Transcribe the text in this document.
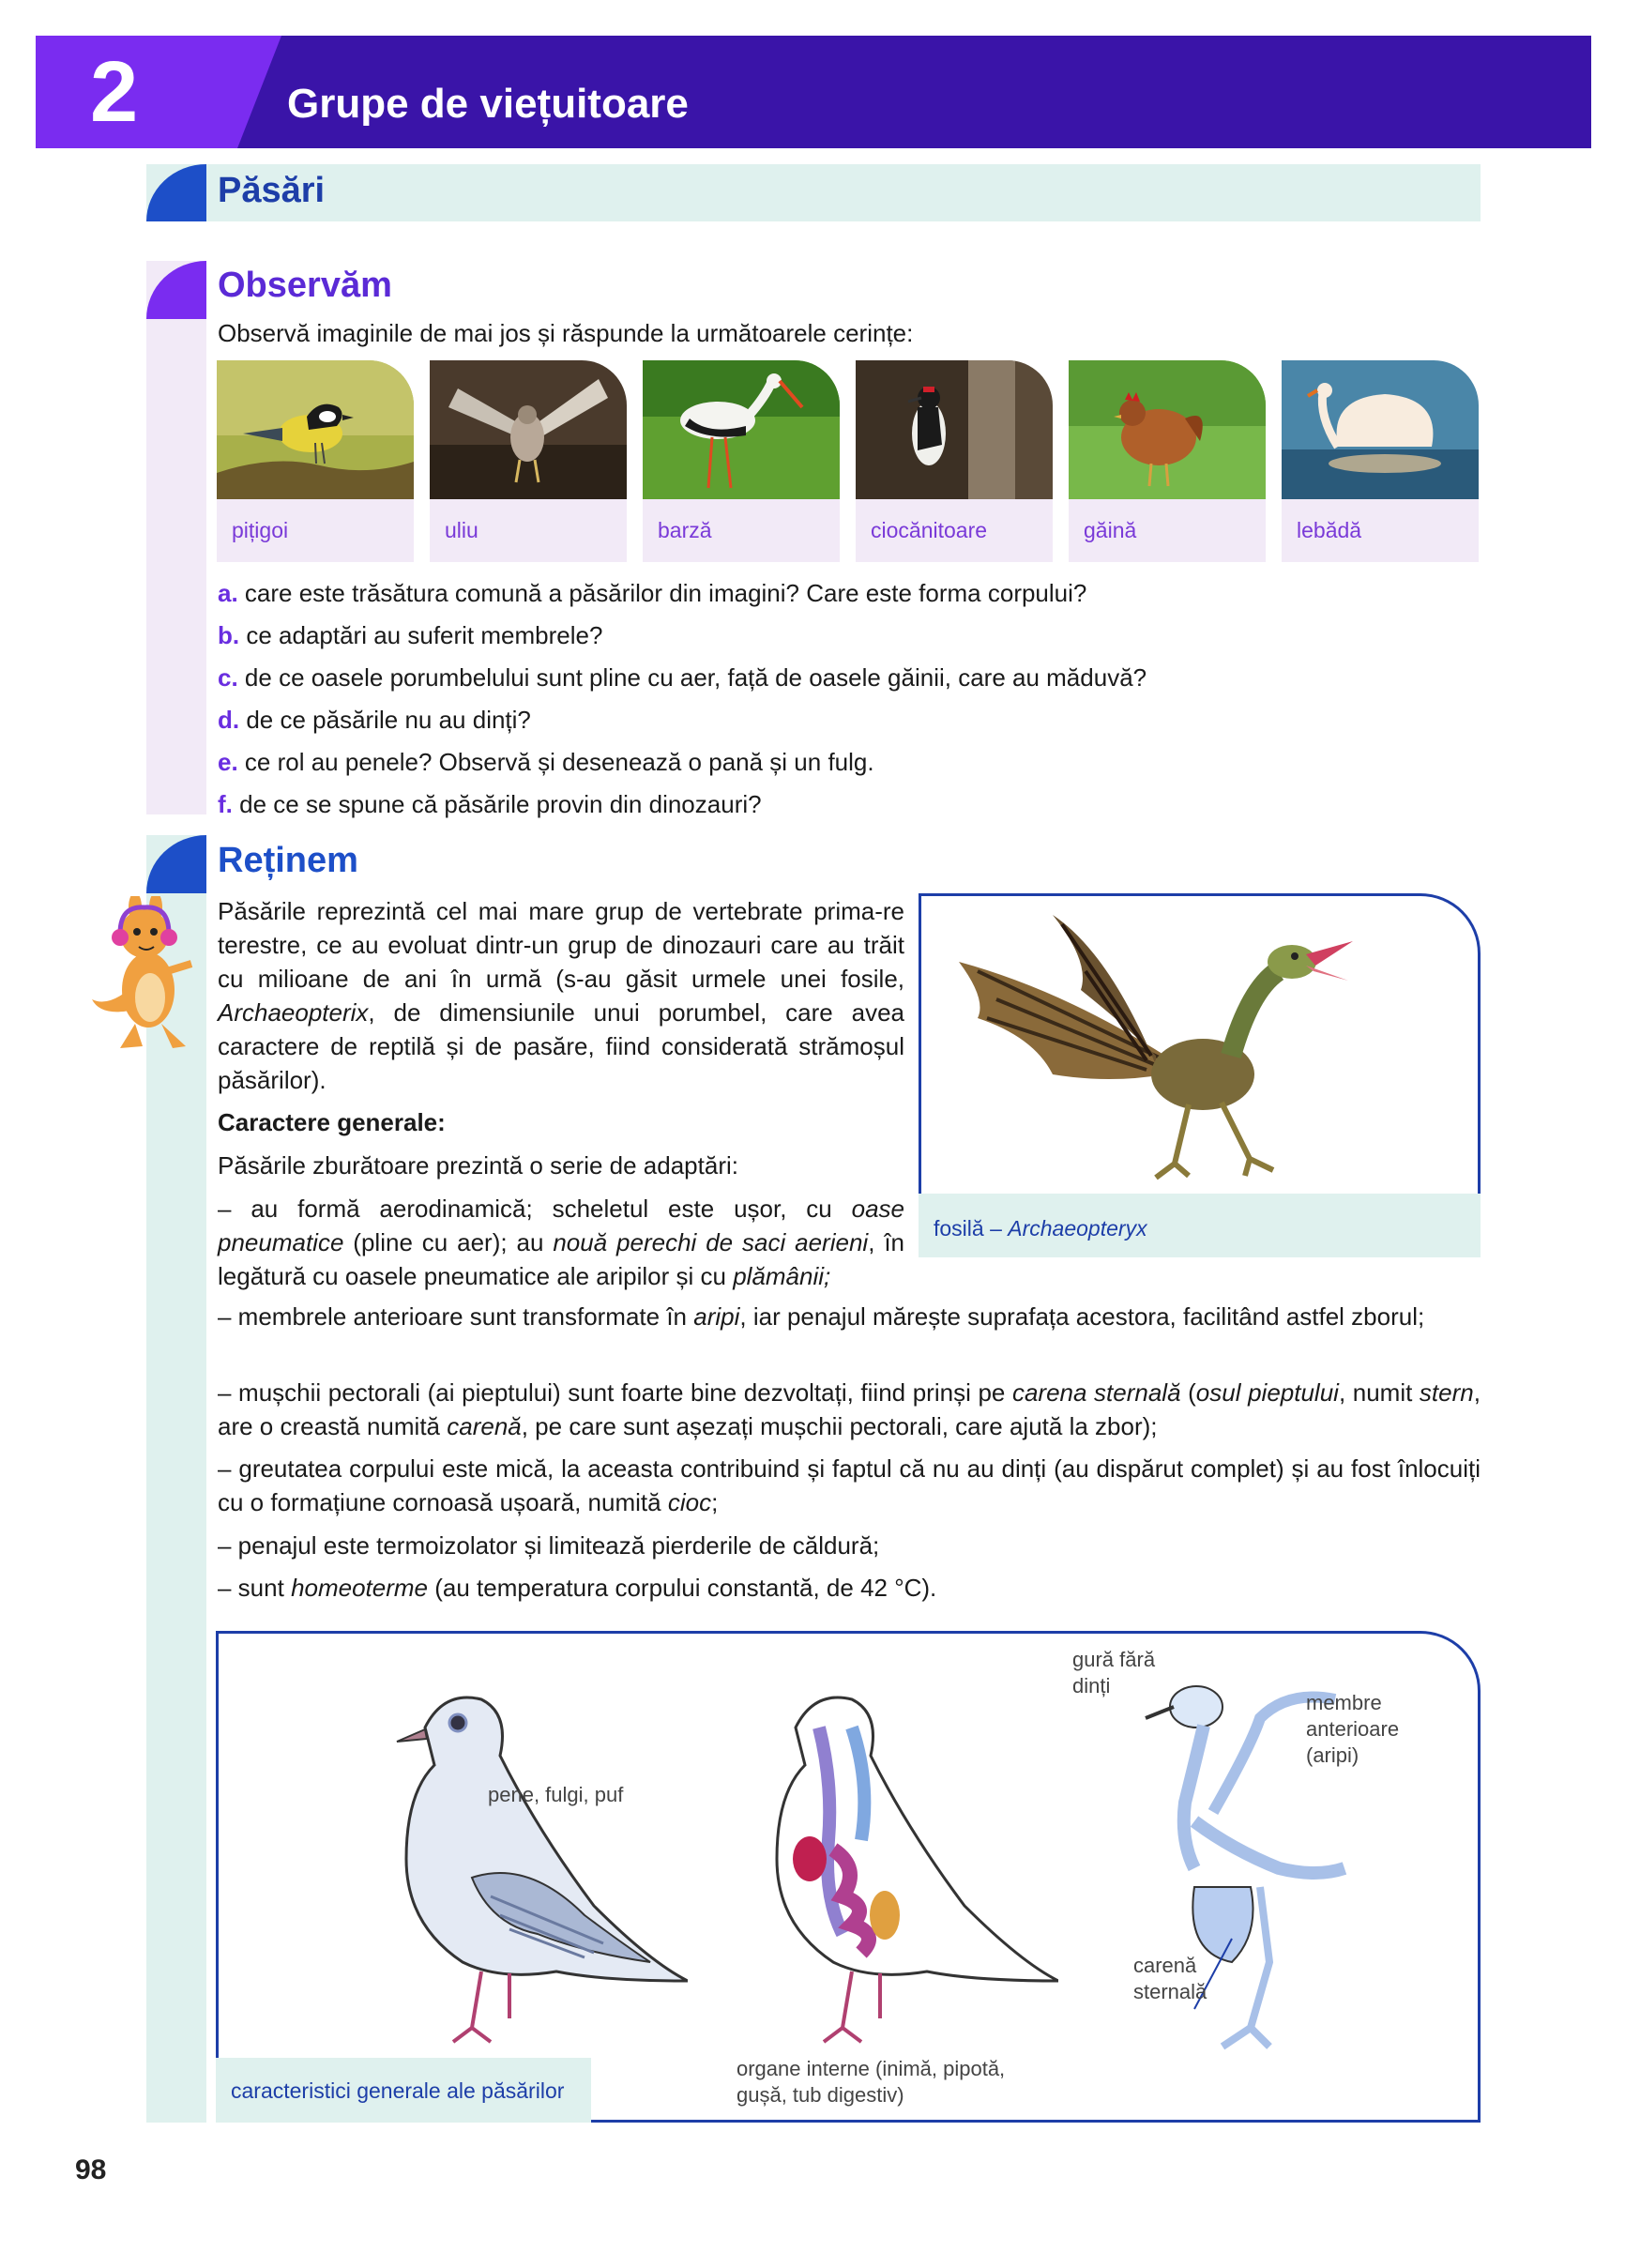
2	Grupe de viețuitoare
Păsări
Observăm
Observă imaginile de mai jos și răspunde la următoarele cerințe:
pițigoi	uliu	barză	ciocănitoare	găină	lebădă
a. care este trăsătura comună a păsărilor din imagini? Care este forma corpului?
b. ce adaptări au suferit membrele?
c. de ce oasele porumbelului sunt pline cu aer, față de oasele găinii, care au măduvă?
d. de ce păsările nu au dinți?
e. ce rol au penele? Observă și desenează o pană și un fulg.
f. de ce se spune că păsările provin din dinozauri?
Reținem
Păsările reprezintă cel mai mare grup de vertebrate prima-re terestre, ce au evoluat dintr-un grup de dinozauri care au trăit cu milioane de ani în urmă (s-au găsit urmele unei fosile, Archaeopterix, de dimensiunile unui porumbel, care avea caractere de reptilă și de pasăre, fiind considerată strămoșul păsărilor).
Caractere generale:
Păsările zburătoare prezintă o serie de adaptări:
– au formă aerodinamică; scheletul este ușor, cu oase pneumatice (pline cu aer); au nouă perechi de saci aerieni, în legătură cu oasele pneumatice ale aripilor și cu plămânii;
– membrele anterioare sunt transformate în aripi, iar penajul mărește suprafața acestora, facilitând astfel zborul;
– mușchii pectorali (ai pieptului) sunt foarte bine dezvoltați, fiind prinși pe carena sternală (osul pieptului, numit stern, are o creastă numită carenă, pe care sunt așezați mușchii pectorali, care ajută la zbor);
– greutatea corpului este mică, la aceasta contribuind și faptul că nu au dinți (au dispărut complet) și au fost înlocuiți cu o formațiune cornoasă ușoară, numită cioc;
– penajul este termoizolator și limitează pierderile de căldură;
– sunt homeoterme (au temperatura corpului constantă, de 42 °C).
fosilă – Archaeopteryx
pene, fulgi, puf
organe interne (inimă, pipotă,
gușă, tub digestiv)
gură fără
dinți
membre
anterioare
(aripi)
carenă
sternală
caracteristici generale ale păsărilor
98
